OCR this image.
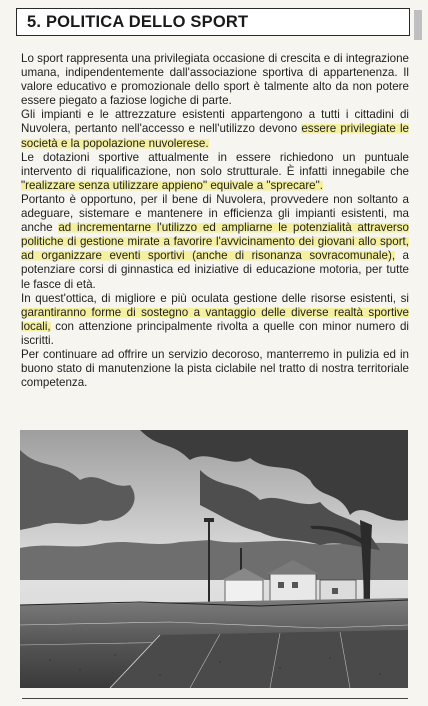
5. POLITICA DELLO SPORT

Lo sport rappresenta una privilegiata occasione di crescita e di integrazione umana, indipendentemente dall'associazione sportiva di appartenenza. Il valore educativo e promozionale dello sport è talmente alto da non potere essere piegato a faziose logiche di parte.

Gli impianti e le attrezzature esistenti appartengono a tutti i cittadini di Nuvolera, pertanto nell'accesso e nell'utilizzo devono essere privilegiate le società e la popolazione nuvolerese.

Le dotazioni sportive attualmente in essere richiedono un puntuale intervento di riqualificazione, non solo strutturale. È infatti innegabile che "realizzare senza utilizzare appieno" equivale a "sprecare".

Portanto è opportuno, per il bene di Nuvolera, provvedere non soltanto a adeguare, sistemare e mantenere in efficienza gli impianti esistenti, ma anche ad incrementarne l'utilizzo ed ampliarne le potenzialità attraverso politiche di gestione mirate a favorire l'avvicinamento dei giovani allo sport, ad organizzare eventi sportivi (anche di risonanza sovracomunale), a potenziare corsi di ginnastica ed iniziative di educazione motoria, per tutte le fasce di età.

In quest'ottica, di migliore e più oculata gestione delle risorse esistenti, si garantiranno forme di sostegno a vantaggio delle diverse realtà sportive locali, con attenzione principalmente rivolta a quelle con minor numero di iscritti.

Per continuare ad offrire un servizio decoroso, manterremo in pulizia ed in buono stato di manutenzione la pista ciclabile nel tratto di nostra territoriale competenza.
